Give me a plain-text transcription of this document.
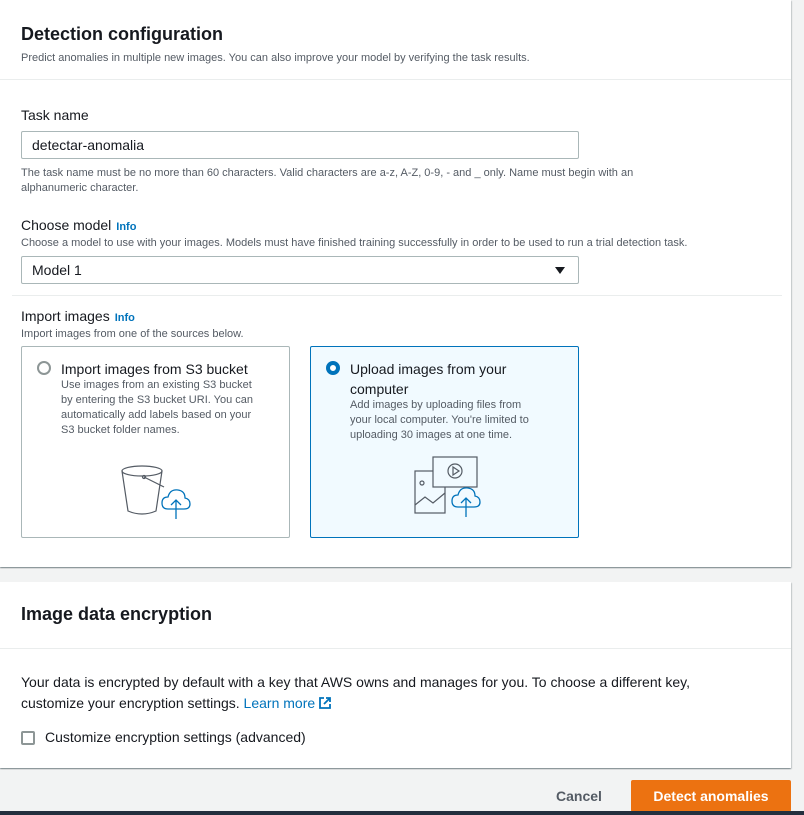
Detection configuration
Predict anomalies in multiple new images. You can also improve your model by verifying the task results.
Task name
detectar-anomalia
The task name must be no more than 60 characters. Valid characters are a-z, A-Z, 0-9, - and _ only. Name must begin with an
alphanumeric character.
Choose model Info
Choose a model to use with your images. Models must have finished training successfully in order to be used to run a trial detection task.
Model 1
Import images Info
Import images from one of the sources below.
Import images from S3 bucket
Use images from an existing S3 bucket
by entering the S3 bucket URI. You can
automatically add labels based on your
S3 bucket folder names.
Upload images from your
computer
Add images by uploading files from
your local computer. You're limited to
uploading 30 images at one time.
Image data encryption
Your data is encrypted by default with a key that AWS owns and manages for you. To choose a different key,
customize your encryption settings. Learn more
Customize encryption settings (advanced)
Cancel	Detect anomalies
